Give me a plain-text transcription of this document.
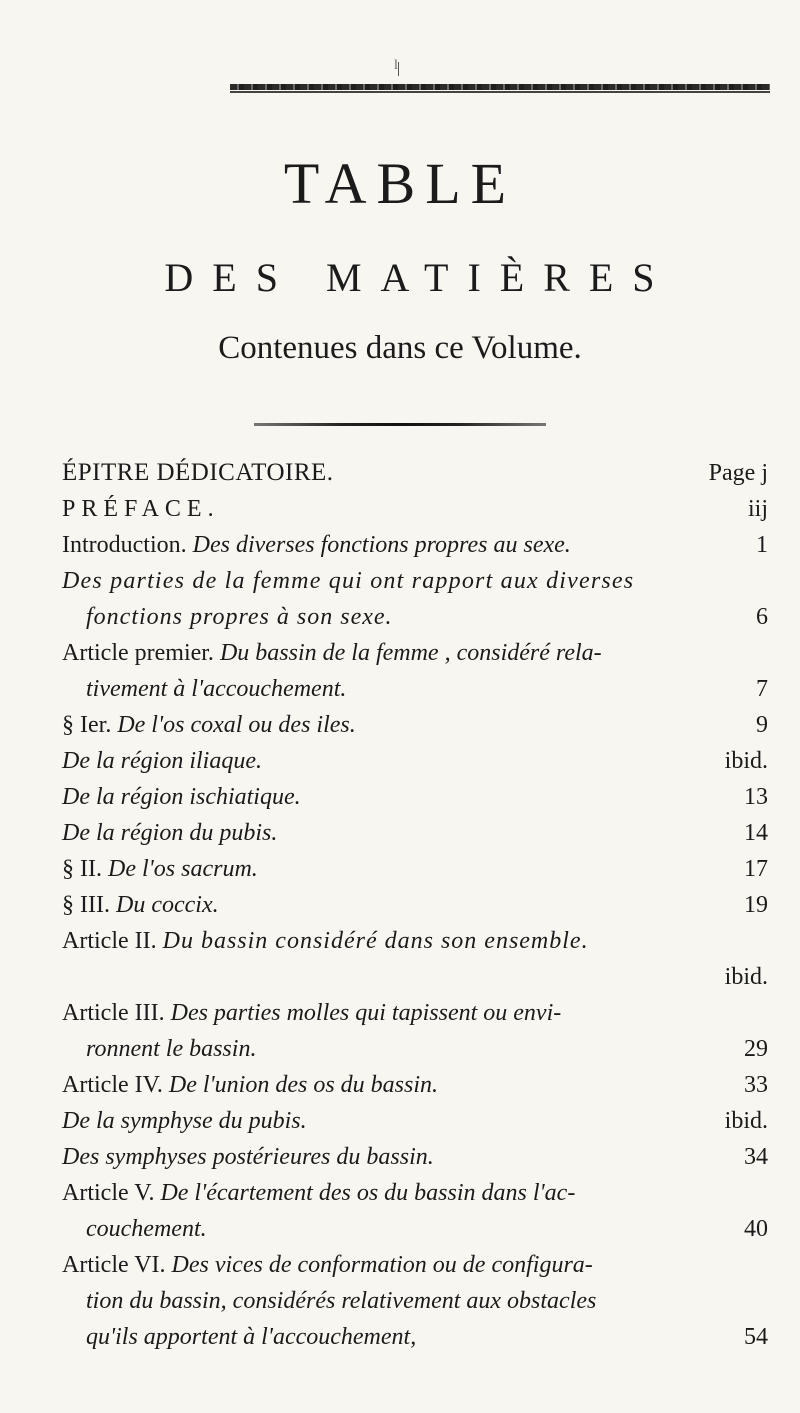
l
TABLE
DES MATIÈRES
Contenues dans ce Volume.
ÉPITRE DÉDICATOIRE.	Page j
PRÉFACE.	iij
Introduction. Des diverses fonctions propres au sexe.	1
Des parties de la femme qui ont rapport aux diverses
fonctions propres à son sexe.	6
Article premier. Du bassin de la femme , considéré rela-
tivement à l'accouchement.	7
§ Ier. De l'os coxal ou des iles.	9
De la région iliaque.	ibid.
De la région ischiatique.	13
De la région du pubis.	14
§ II. De l'os sacrum.	17
§ III. Du coccix.	19
Article II. Du bassin considéré dans son ensemble.
ibid.
Article III. Des parties molles qui tapissent ou envi-
ronnent le bassin.	29
Article IV. De l'union des os du bassin.	33
De la symphyse du pubis.	ibid.
Des symphyses postérieures du bassin.	34
Article V. De l'écartement des os du bassin dans l'ac-
couchement.	40
Article VI. Des vices de conformation ou de configura-
tion du bassin, considérés relativement aux obstacles
qu'ils apportent à l'accouchement,	54
